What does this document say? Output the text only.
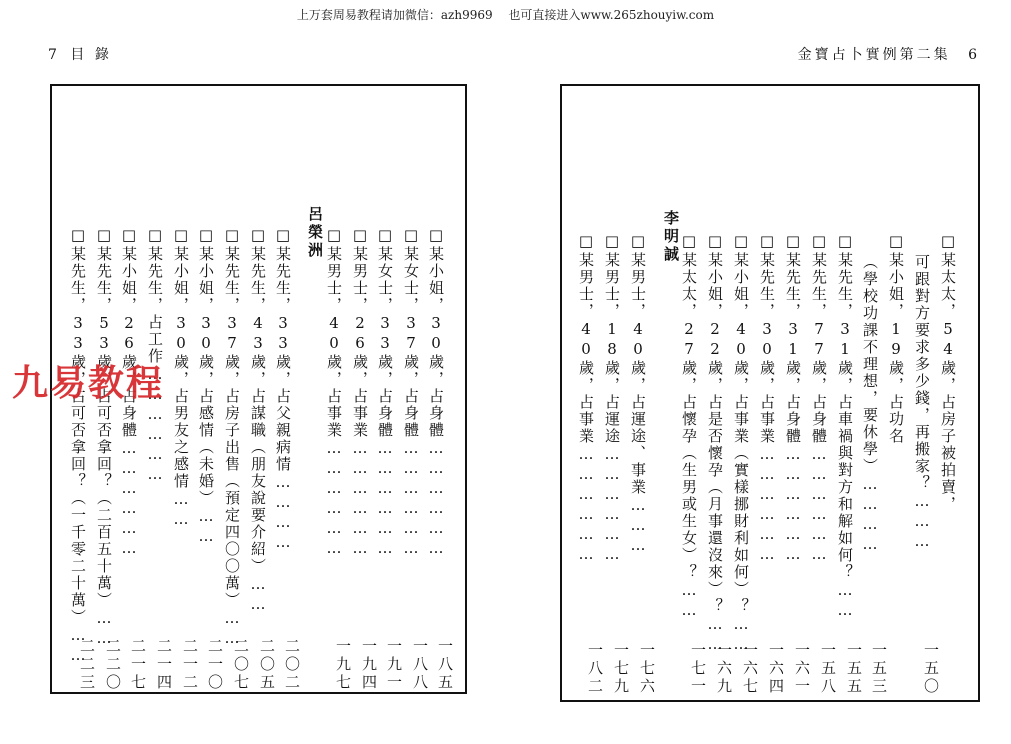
上万套周易教程请加微信：azh9969　 也可直接进入www.265zhouyiw.com
7 目 錄	金寶占卜實例第二集 6
□某小姐，30歲，占身體………………
一八五
□某女士，37歲，占身體………………
一八八
□某女士，33歲，占身體………………
一九一
□某男士，26歲，占事業………………
一九四
□某男士，40歲，占事業………………
一九七
□某先生，33歲，占父親病情…………
二〇二
□某先生，43歲，占謀職（朋友說要介紹）……
二〇五
□某先生，37歲，占房子出售（預定四〇〇萬）……
二〇七
□某小姐，30歲，占感情（未婚）……
二一〇
□某小姐，30歲，占男友之感情……
二一二
□某先生，占工作………………
二一四
□某小姐，26歲，占身體………………
二一七
□某先生，53歲，占可否拿回？（二百五十萬）……
二二〇
□某先生，33歲，占可否拿回？（一千零二十萬）……
二二三
呂榮洲	□某太太，54歲，占房子被拍賣，
可跟對方要求多少錢，再搬家？………
一五〇
□某小姐，19歲，占功名
（學校功課不理想，要休學）…………
一五三
□某先生，31歲，占車禍與對方和解如何？……
一五五
□某先生，77歲，占身體………………
一五八
□某先生，31歲，占身體………………
一六一
□某先生，30歲，占事業………………
一六四
□某小姐，40歲，占事業（實樣挪財利如何）？……
一六七
□某小姐，22歲，占是否懷孕（月事還沒來）？……
一六九
□某太太，27歲，占懷孕（生男或生女）？……
一七一
□某男士，40歲，占運途、事業………
一七六
□某男士，18歲，占運途………………
一七九
□某男士，40歲，占事業………………
一八二
李明誠
九易教程
